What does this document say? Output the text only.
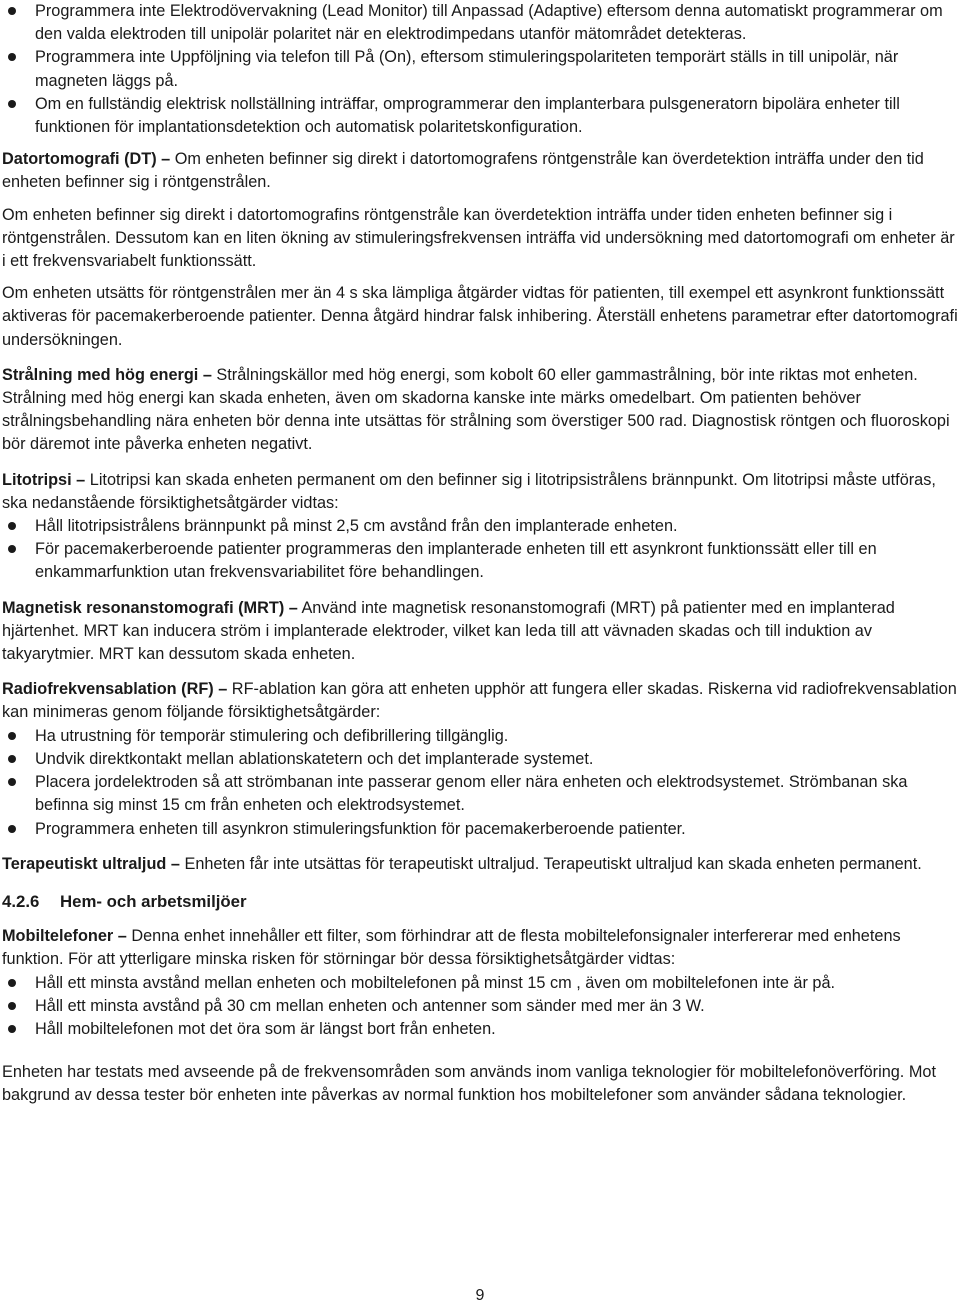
Programmera inte Elektrodövervakning (Lead Monitor) till Anpassad (Adaptive) eftersom denna automatiskt programmerar om den valda elektroden till unipolär polaritet när en elektrodimpedans utanför mätområdet detekteras.
Programmera inte Uppföljning via telefon till På (On), eftersom stimuleringspolariteten temporärt ställs in till unipolär, när magneten läggs på.
Om en fullständig elektrisk nollställning inträffar, omprogrammerar den implanterbara pulsgeneratorn bipolära enheter till funktionen för implantationsdetektion och automatisk polaritetskonfiguration.

Datortomografi (DT) – Om enheten befinner sig direkt i datortomografens röntgenstråle kan överdetektion inträffa under den tid enheten befinner sig i röntgenstrålen.

Om enheten befinner sig direkt i datortomografins röntgenstråle kan överdetektion inträffa under tiden enheten befinner sig i röntgenstrålen. Dessutom kan en liten ökning av stimuleringsfrekvensen inträffa vid undersökning med datortomografi om enheter är i ett frekvensvariabelt funktionssätt.

Om enheten utsätts för röntgenstrålen mer än 4 s ska lämpliga åtgärder vidtas för patienten, till exempel ett asynkront funktionssätt aktiveras för pacemakerberoende patienter. Denna åtgärd hindrar falsk inhibering. Återställ enhetens parametrar efter datortomografi undersökningen.

Strålning med hög energi – Strålningskällor med hög energi, som kobolt 60 eller gammastrålning, bör inte riktas mot enheten. Strålning med hög energi kan skada enheten, även om skadorna kanske inte märks omedelbart. Om patienten behöver strålningsbehandling nära enheten bör denna inte utsättas för strålning som överstiger 500 rad. Diagnostisk röntgen och fluoroskopi bör däremot inte påverka enheten negativt.

Litotripsi – Litotripsi kan skada enheten permanent om den befinner sig i litotripsistrålens brännpunkt. Om litotripsi måste utföras, ska nedanstående försiktighetsåtgärder vidtas:

Håll litotripsistrålens brännpunkt på minst 2,5 cm avstånd från den implanterade enheten.
För pacemakerberoende patienter programmeras den implanterade enheten till ett asynkront funktionssätt eller till en enkammarfunktion utan frekvensvariabilitet före behandlingen.

Magnetisk resonanstomografi (MRT) – Använd inte magnetisk resonanstomografi (MRT) på patienter med en implanterad hjärtenhet. MRT kan inducera ström i implanterade elektroder, vilket kan leda till att vävnaden skadas och till induktion av takyarytmier. MRT kan dessutom skada enheten.

Radiofrekvensablation (RF) – RF-ablation kan göra att enheten upphör att fungera eller skadas. Riskerna vid radiofrekvensablation kan minimeras genom följande försiktighetsåtgärder:

Ha utrustning för temporär stimulering och defibrillering tillgänglig.
Undvik direktkontakt mellan ablationskatetern och det implanterade systemet.
Placera jordelektroden så att strömbanan inte passerar genom eller nära enheten och elektrodsystemet. Strömbanan ska befinna sig minst 15 cm från enheten och elektrodsystemet.
Programmera enheten till asynkron stimuleringsfunktion för pacemakerberoende patienter.

Terapeutiskt ultraljud – Enheten får inte utsättas för terapeutiskt ultraljud. Terapeutiskt ultraljud kan skada enheten permanent.

4.2.6 Hem- och arbetsmiljöer

Mobiltelefoner – Denna enhet innehåller ett filter, som förhindrar att de flesta mobiltelefonsignaler interfererar med enhetens funktion. För att ytterligare minska risken för störningar bör dessa försiktighetsåtgärder vidtas:

Håll ett minsta avstånd mellan enheten och mobiltelefonen på minst 15 cm , även om mobiltelefonen inte är på.
Håll ett minsta avstånd på 30 cm mellan enheten och antenner som sänder med mer än 3 W.
Håll mobiltelefonen mot det öra som är längst bort från enheten.

Enheten har testats med avseende på de frekvensområden som används inom vanliga teknologier för mobiltelefonöverföring. Mot bakgrund av dessa tester bör enheten inte påverkas av normal funktion hos mobiltelefoner som använder sådana teknologier.

9
